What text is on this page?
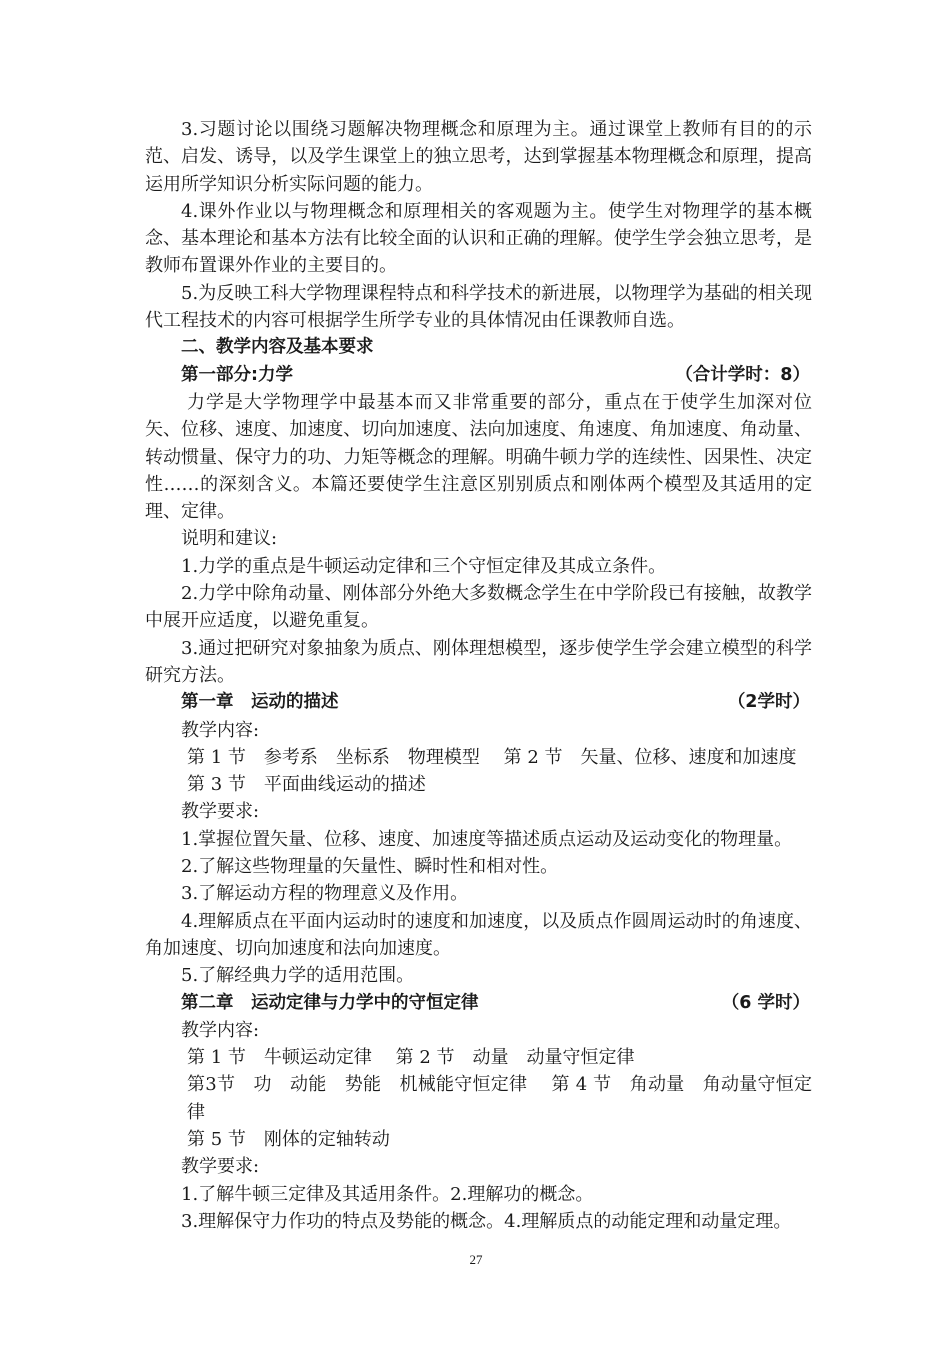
3.习题讨论以围绕习题解决物理概念和原理为主。通过课堂上教师有目的的示范、启发、诱导，以及学生课堂上的独立思考，达到掌握基本物理概念和原理，提高运用所学知识分析实际问题的能力。

4.课外作业以与物理概念和原理相关的客观题为主。使学生对物理学的基本概念、基本理论和基本方法有比较全面的认识和正确的理解。使学生学会独立思考，是教师布置课外作业的主要目的。

5.为反映工科大学物理课程特点和科学技术的新进展，以物理学为基础的相关现代工程技术的内容可根据学生所学专业的具体情况由任课教师自选。

二、教学内容及基本要求

第一部分:力学	（合计学时：8）

力学是大学物理学中最基本而又非常重要的部分，重点在于使学生加深对位矢、位移、速度、加速度、切向加速度、法向加速度、角速度、角加速度、角动量、转动惯量、保守力的功、力矩等概念的理解。明确牛顿力学的连续性、因果性、决定性……的深刻含义。本篇还要使学生注意区别别质点和刚体两个模型及其适用的定理、定律。

说明和建议:

1.力学的重点是牛顿运动定律和三个守恒定律及其成立条件。

2.力学中除角动量、刚体部分外绝大多数概念学生在中学阶段已有接触，故教学中展开应适度，以避免重复。

3.通过把研究对象抽象为质点、刚体理想模型，逐步使学生学会建立模型的科学研究方法。

第一章　运动的描述	（2学时）

教学内容:

第 1 节　参考系　坐标系　物理模型　 第 2 节　矢量、位移、速度和加速度

第 3 节　平面曲线运动的描述

教学要求:

1.掌握位置矢量、位移、速度、加速度等描述质点运动及运动变化的物理量。

2.了解这些物理量的矢量性、瞬时性和相对性。

3.了解运动方程的物理意义及作用。

4.理解质点在平面内运动时的速度和加速度，以及质点作圆周运动时的角速度、角加速度、切向加速度和法向加速度。

5.了解经典力学的适用范围。

第二章　运动定律与力学中的守恒定律	（6 学时）

教学内容:

第 1 节　牛顿运动定律　 第 2 节　动量　动量守恒定律

第3节　功　动能　势能　机械能守恒定律　 第 4 节　角动量　角动量守恒定律

第 5 节　刚体的定轴转动

教学要求:

1.了解牛顿三定律及其适用条件。2.理解功的概念。

3.理解保守力作功的特点及势能的概念。4.理解质点的动能定理和动量定理。

27
